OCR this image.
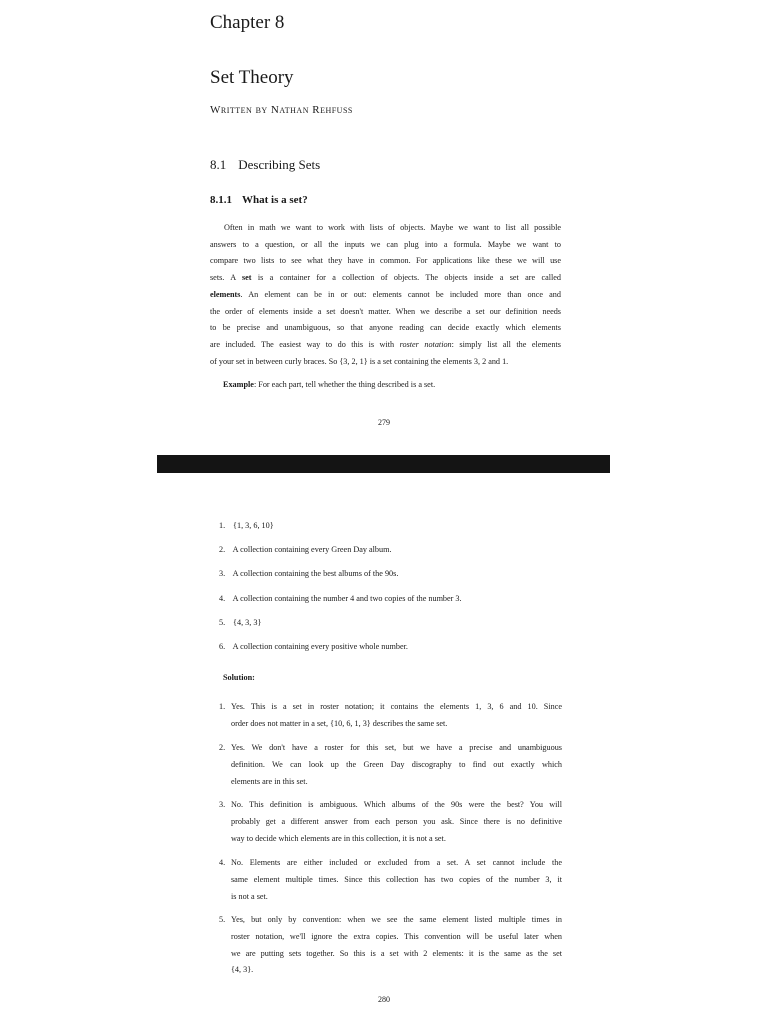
Chapter 8
Set Theory
Written by Nathan Rehfuss
8.1 Describing Sets
8.1.1 What is a set?
Often in math we want to work with lists of objects. Maybe we want to list all possible
answers to a question, or all the inputs we can plug into a formula. Maybe we want to
compare two lists to see what they have in common. For applications like these we will use
sets. A set is a container for a collection of objects. The objects inside a set are called
elements. An element can be in or out: elements cannot be included more than once and
the order of elements inside a set doesn't matter. When we describe a set our definition needs
to be precise and unambiguous, so that anyone reading can decide exactly which elements
are included. The easiest way to do this is with roster notation: simply list all the elements
of your set in between curly braces. So {3, 2, 1} is a set containing the elements 3, 2 and 1.
Example: For each part, tell whether the thing described is a set.
279
1. {1, 3, 6, 10}
2. A collection containing every Green Day album.
3. A collection containing the best albums of the 90s.
4. A collection containing the number 4 and two copies of the number 3.
5. {4, 3, 3}
6. A collection containing every positive whole number.
Solution:
1. Yes. This is a set in roster notation; it contains the elements 1, 3, 6 and 10. Since
order does not matter in a set, {10, 6, 1, 3} describes the same set.
2. Yes. We don't have a roster for this set, but we have a precise and unambiguous
definition. We can look up the Green Day discography to find out exactly which
elements are in this set.
3. No. This definition is ambiguous. Which albums of the 90s were the best? You will
probably get a different answer from each person you ask. Since there is no definitive
way to decide which elements are in this collection, it is not a set.
4. No. Elements are either included or excluded from a set. A set cannot include the
same element multiple times. Since this collection has two copies of the number 3, it
is not a set.
5. Yes, but only by convention: when we see the same element listed multiple times in
roster notation, we'll ignore the extra copies. This convention will be useful later when
we are putting sets together. So this is a set with 2 elements: it is the same as the set
{4, 3}.
280
